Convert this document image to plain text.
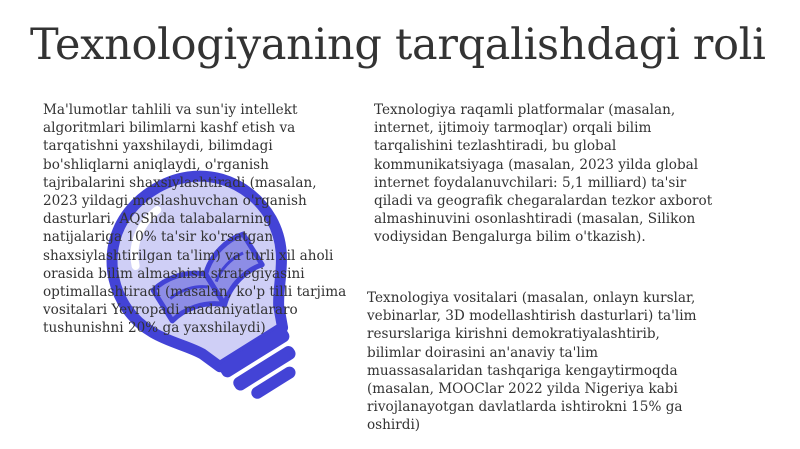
Texnologiyaning tarqalishdagi roli

Ma'lumotlar tahlili va sun'iy intellekt algoritmlari bilimlarni kashf etish va tarqatishni yaxshilaydi, bilimdagi bo'shliqlarni aniqlaydi, o'rganish tajribalarini shaxsiylashtiradi (masalan, 2023 yildagi moslashuvchan o'rganish dasturlari, AQShda talabalarning natijalariga 10% ta'sir ko'rsatgan shaxsiylashtirilgan ta'lim) va turli xil aholi orasida bilim almashish strategiyasini optimallashtiradi (masalan, ko'p tilli tarjima vositalari Yevropadi madaniyatlararo tushunishni 20% ga yaxshilaydi)

Texnologiya raqamli platformalar (masalan, internet, ijtimoiy tarmoqlar) orqali bilim tarqalishini tezlashtiradi, bu global kommunikatsiyaga (masalan, 2023 yilda global internet foydalanuvchilari: 5,1 milliard) ta'sir qiladi va geografik chegaralardan tezkor axborot almashinuvini osonlashtiradi (masalan, Silikon vodiysidan Bengalurga bilim o'tkazish).

Texnologiya vositalari (masalan, onlayn kurslar, vebinarlar, 3D modellashtirish dasturlari) ta'lim resurslariga kirishni demokratiyalashtirib, bilimlar doirasini an'anaviy ta'lim muassasalaridan tashqariga kengaytirmoqda (masalan, MOOClar 2022 yilda Nigeriya kabi rivojlanayotgan davlatlarda ishtirokni 15% ga oshirdi)
